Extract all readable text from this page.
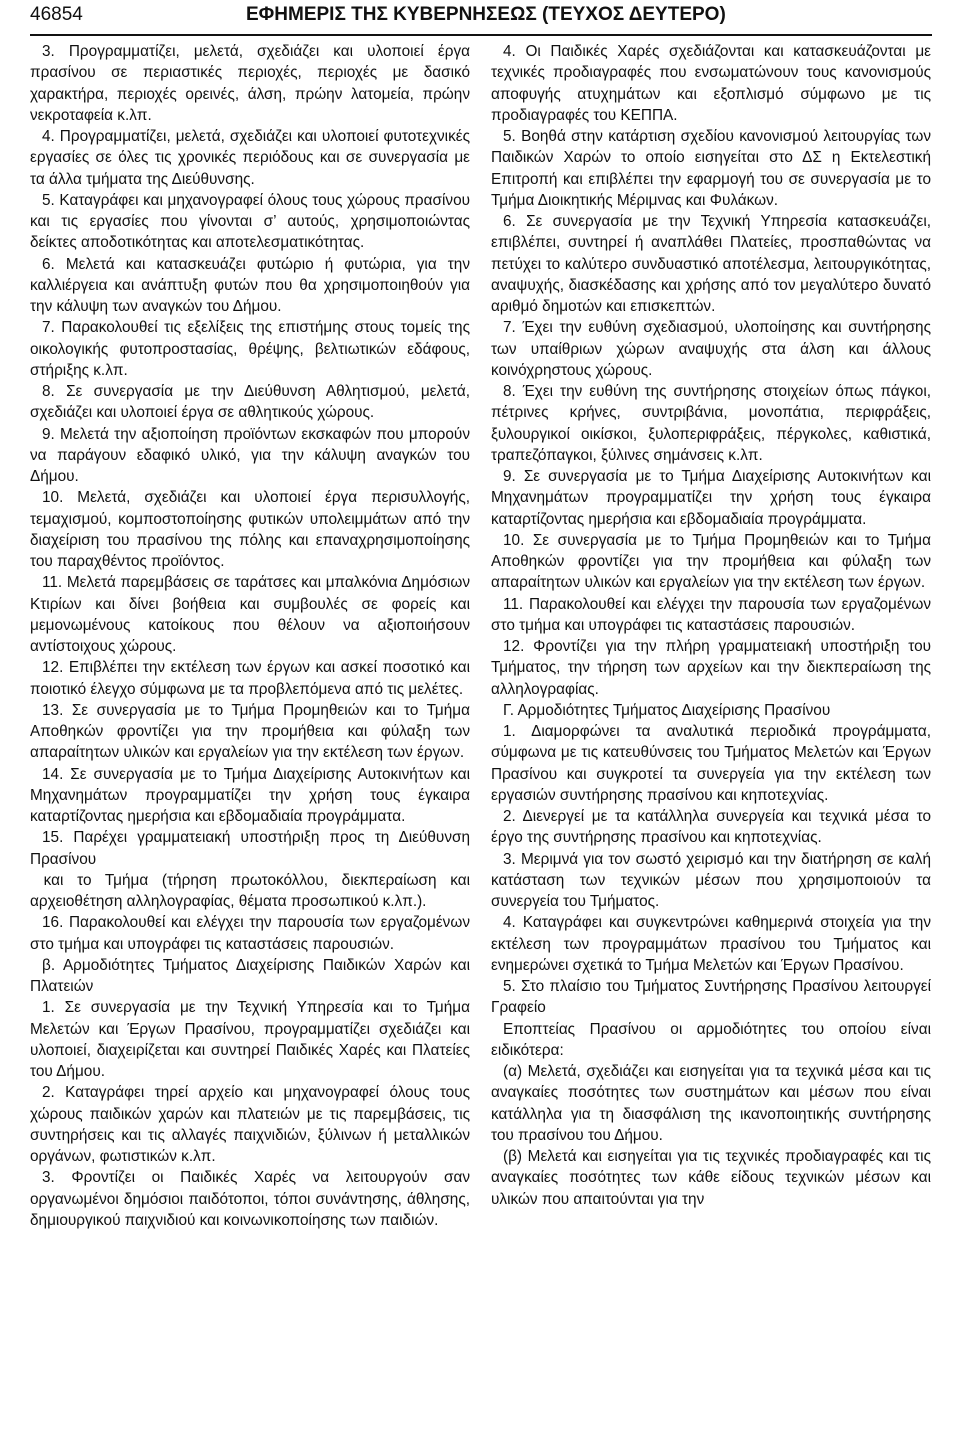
46854	ΕΦΗΜΕΡΙΣ ΤΗΣ ΚΥΒΕΡΝΗΣΕΩΣ (ΤΕΥΧΟΣ ΔΕΥΤΕΡΟ)

3. Προγραμματίζει, μελετά, σχεδιάζει και υλοποιεί έργα πρασίνου σε περιαστικές περιοχές, περιοχές με δασικό χαρακτήρα, περιοχές ορεινές, άλση, πρώην λατομεία, πρώην νεκροταφεία κ.λπ.

4. Προγραμματίζει, μελετά, σχεδιάζει και υλοποιεί φυτοτεχνικές εργασίες σε όλες τις χρονικές περιόδους και σε συνεργασία με τα άλλα τμήματα της Διεύθυνσης.

5. Καταγράφει και μηχανογραφεί όλους τους χώρους πρασίνου και τις εργασίες που γίνονται σ’ αυτούς, χρησιμοποιώντας δείκτες αποδοτικότητας και αποτελεσματικότητας.

6. Μελετά και κατασκευάζει φυτώριο ή φυτώρια, για την καλλιέργεια και ανάπτυξη φυτών που θα χρησιμοποιηθούν για την κάλυψη των αναγκών του Δήμου.

7. Παρακολουθεί τις εξελίξεις της επιστήμης στους τομείς της οικολογικής φυτοπροστασίας, θρέψης, βελτιωτικών εδάφους, στήριξης κ.λπ.

8. Σε συνεργασία με την Διεύθυνση Αθλητισμού, μελετά, σχεδιάζει και υλοποιεί έργα σε αθλητικούς χώρους.

9. Μελετά την αξιοποίηση προϊόντων εκσκαφών που μπορούν να παράγουν εδαφικό υλικό, για την κάλυψη αναγκών του Δήμου.

10. Μελετά, σχεδιάζει και υλοποιεί έργα περισυλλογής, τεμαχισμού, κομποστοποίησης φυτικών υπολειμμάτων από την διαχείριση του πρασίνου της πόλης και επαναχρησιμοποίησης του παραχθέντος προϊόντος.

11. Μελετά παρεμβάσεις σε ταράτσες και μπαλκόνια Δημόσιων Κτιρίων και δίνει βοήθεια και συμβουλές σε φορείς και μεμονωμένους κατοίκους που θέλουν να αξιοποιήσουν αντίστοιχους χώρους.

12. Επιβλέπει την εκτέλεση των έργων και ασκεί ποσοτικό και ποιοτικό έλεγχο σύμφωνα με τα προβλεπόμενα από τις μελέτες.

13. Σε συνεργασία με το Τμήμα Προμηθειών και το Τμήμα Αποθηκών φροντίζει για την προμήθεια και φύλαξη των απαραίτητων υλικών και εργαλείων για την εκτέλεση των έργων.

14. Σε συνεργασία με το Τμήμα Διαχείρισης Αυτοκινήτων και Μηχανημάτων προγραμματίζει την χρήση τους έγκαιρα καταρτίζοντας ημερήσια και εβδομαδιαία προγράμματα.

15. Παρέχει γραμματειακή υποστήριξη προς τη Διεύθυνση Πρασίνου

και το Τμήμα (τήρηση πρωτοκόλλου, διεκπεραίωση και αρχειοθέτηση αλληλογραφίας, θέματα προσωπικού κ.λπ.).

16. Παρακολουθεί και ελέγχει την παρουσία των εργαζομένων στο τμήμα και υπογράφει τις καταστάσεις παρουσιών.

β. Αρμοδιότητες Τμήματος Διαχείρισης Παιδικών Χαρών και Πλατειών

1. Σε συνεργασία με την Τεχνική Υπηρεσία και το Τμήμα Μελετών και Έργων Πρασίνου, προγραμματίζει σχεδιάζει και υλοποιεί, διαχειρίζεται και συντηρεί Παιδικές Χαρές και Πλατείες του Δήμου.

2. Καταγράφει τηρεί αρχείο και μηχανογραφεί όλους τους χώρους παιδικών χαρών και πλατειών με τις παρεμβάσεις, τις συντηρήσεις και τις αλλαγές παιχνιδιών, ξύλινων ή μεταλλικών οργάνων, φωτιστικών κ.λπ.

3. Φροντίζει οι Παιδικές Χαρές να λειτουργούν σαν οργανωμένοι δημόσιοι παιδότοποι, τόποι συνάντησης, άθλησης, δημιουργικού παιχνιδιού και κοινωνικοποίησης των παιδιών.

4. Οι Παιδικές Χαρές σχεδιάζονται και κατασκευάζονται με τεχνικές προδιαγραφές που ενσωματώνουν τους κανονισμούς αποφυγής ατυχημάτων και εξοπλισμό σύμφωνο με τις προδιαγραφές του ΚΕΠΠΑ.

5. Βοηθά στην κατάρτιση σχεδίου κανονισμού λειτουργίας των Παιδικών Χαρών το οποίο εισηγείται στο ΔΣ η Εκτελεστική Επιτροπή και επιβλέπει την εφαρμογή του σε συνεργασία με το Τμήμα Διοικητικής Μέριμνας και Φυλάκων.

6. Σε συνεργασία με την Τεχνική Υπηρεσία κατασκευάζει, επιβλέπει, συντηρεί ή αναπλάθει Πλατείες, προσπαθώντας να πετύχει το καλύτερο συνδυαστικό αποτέλεσμα, λειτουργικότητας, αναψυχής, διασκέδασης και χρήσης από τον μεγαλύτερο δυνατό αριθμό δημοτών και επισκεπτών.

7. Έχει την ευθύνη σχεδιασμού, υλοποίησης και συντήρησης των υπαίθριων χώρων αναψυχής στα άλση και άλλους κοινόχρηστους χώρους.

8. Έχει την ευθύνη της συντήρησης στοιχείων όπως πάγκοι, πέτρινες κρήνες, συντριβάνια, μονοπάτια, περιφράξεις, ξυλουργικοί οικίσκοι, ξυλοπεριφράξεις, πέργκολες, καθιστικά, τραπεζόπαγκοι, ξύλινες σημάνσεις κ.λπ.

9. Σε συνεργασία με το Τμήμα Διαχείρισης Αυτοκινήτων και Μηχανημάτων προγραμματίζει την χρήση τους έγκαιρα καταρτίζοντας ημερήσια και εβδομαδιαία προγράμματα.

10. Σε συνεργασία με το Τμήμα Προμηθειών και το Τμήμα Αποθηκών φροντίζει για την προμήθεια και φύλαξη των απαραίτητων υλικών και εργαλείων για την εκτέλεση των έργων.

11. Παρακολουθεί και ελέγχει την παρουσία των εργαζομένων στο τμήμα και υπογράφει τις καταστάσεις παρουσιών.

12. Φροντίζει για την πλήρη γραμματειακή υποστήριξη του Τμήματος, την τήρηση των αρχείων και την διεκπεραίωση της αλληλογραφίας.

Γ. Αρμοδιότητες Τμήματος Διαχείρισης Πρασίνου

1. Διαμορφώνει τα αναλυτικά περιοδικά προγράμματα, σύμφωνα με τις κατευθύνσεις του Τμήματος Μελετών και Έργων Πρασίνου και συγκροτεί τα συνεργεία για την εκτέλεση των εργασιών συντήρησης πρασίνου και κηποτεχνίας.

2. Διενεργεί με τα κατάλληλα συνεργεία και τεχνικά μέσα το έργο της συντήρησης πρασίνου και κηποτεχνίας.

3. Μεριμνά για τον σωστό χειρισμό και την διατήρηση σε καλή κατάσταση των τεχνικών μέσων που χρησιμοποιούν τα συνεργεία του Τμήματος.

4. Καταγράφει και συγκεντρώνει καθημερινά στοιχεία για την εκτέλεση των προγραμμάτων πρασίνου του Τμήματος και ενημερώνει σχετικά το Τμήμα Μελετών και Έργων Πρασίνου.

5. Στο πλαίσιο του Τμήματος Συντήρησης Πρασίνου λειτουργεί Γραφείο

Εποπτείας Πρασίνου οι αρμοδιότητες του οποίου είναι ειδικότερα:

(α) Μελετά, σχεδιάζει και εισηγείται για τα τεχνικά μέσα και τις αναγκαίες ποσότητες των συστημάτων και μέσων που είναι κατάλληλα για τη διασφάλιση της ικανοποιητικής συντήρησης του πρασίνου του Δήμου.

(β) Μελετά και εισηγείται για τις τεχνικές προδιαγραφές και τις αναγκαίες ποσότητες των κάθε είδους τεχνικών μέσων και υλικών που απαιτούνται για την
